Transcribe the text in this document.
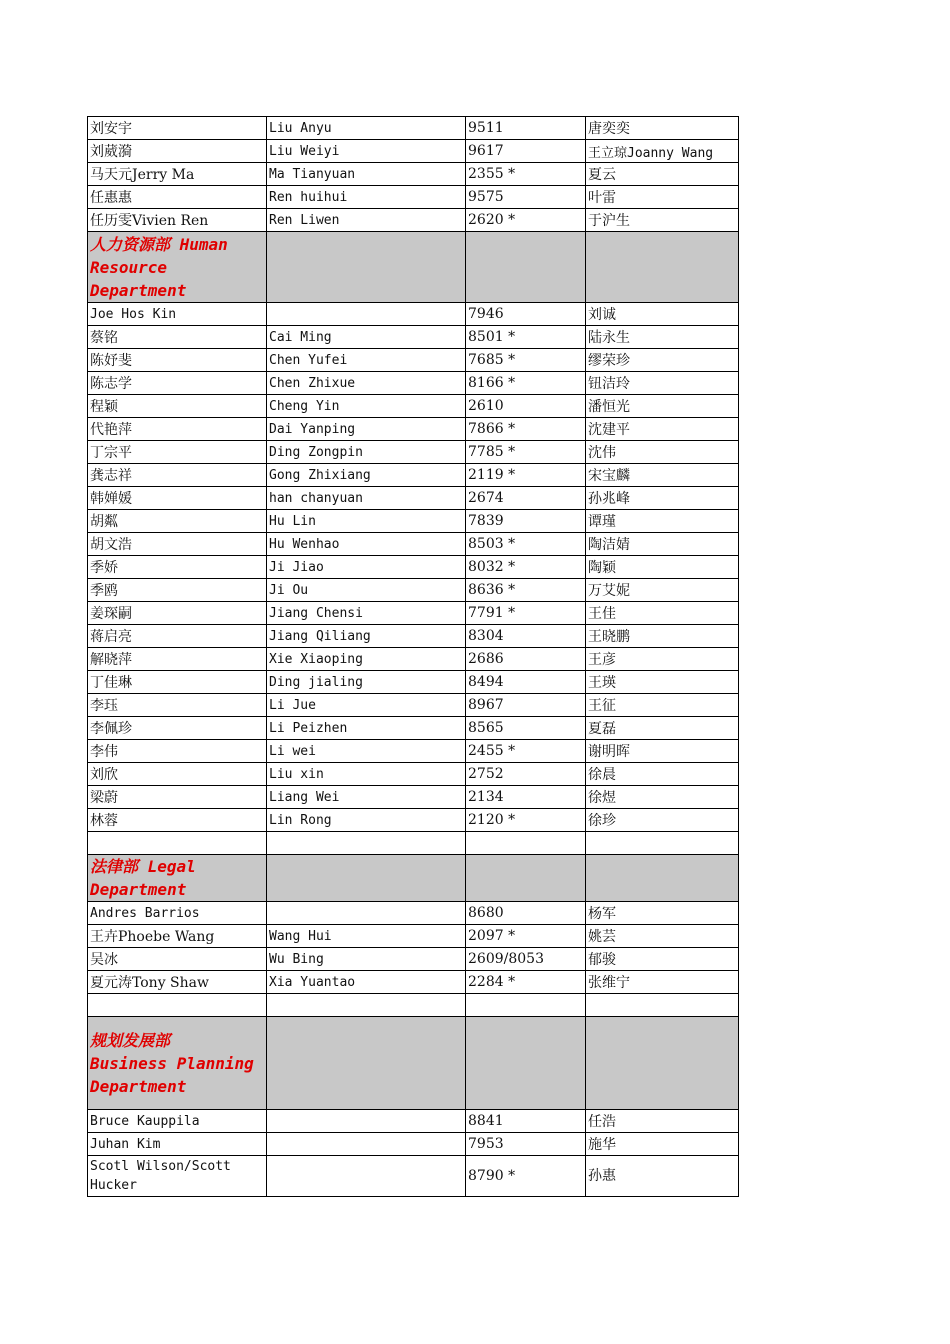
刘安宇	Liu Anyu	9511	唐奕奕
刘葳漪	Liu Weiyi	9617	王立琼Joanny Wang
马天元Jerry Ma	Ma Tianyuan	2355 *	夏云
任惠惠	Ren huihui	9575	叶雷
任历雯Vivien Ren	Ren Liwen	2620 *	于沪生

人力资源部 Human
Resource
Department			

Joe Hos Kin		7946	刘诚
蔡铭	Cai Ming	8501 *	陆永生
陈妤斐	Chen Yufei	7685 *	缪荣珍
陈志学	Chen Zhixue	8166 *	钮洁玲
程颖	Cheng Yin	2610	潘恒光
代艳萍	Dai Yanping	7866 *	沈建平
丁宗平	Ding Zongpin	7785 *	沈伟
龚志祥	Gong Zhixiang	2119 *	宋宝麟
韩婵媛	han chanyuan	2674	孙兆峰
胡粼	Hu Lin	7839	谭瑾
胡文浩	Hu Wenhao	8503 *	陶洁婧
季娇	Ji Jiao	8032 *	陶颖
季鸥	Ji Ou	8636 *	万艾妮
姜琛嗣	Jiang Chensi	7791 *	王佳
蒋启亮	Jiang Qiliang	8304	王晓鹏
解晓萍	Xie Xiaoping	2686	王彦
丁佳琳	Ding jialing	8494	王瑛
李珏	Li Jue	8967	王征
李佩珍	Li Peizhen	8565	夏磊
李伟	Li wei	2455 *	谢明晖
刘欣	Liu xin	2752	徐晨
梁蔚	Liang Wei	2134	徐煜
林蓉	Lin Rong	2120 *	徐珍

法律部 Legal
Department			

Andres Barrios		8680	杨军
王卉Phoebe Wang	Wang Hui	2097 *	姚芸
吴冰	Wu Bing	2609/8053	郁骏
夏元涛Tony Shaw	Xia Yuantao	2284 *	张维宁

规划发展部
Business Planning
Department			

Bruce Kauppila		8841	任浩
Juhan Kim		7953	施华
Scotl Wilson/Scott Hucker		8790 *	孙惠
